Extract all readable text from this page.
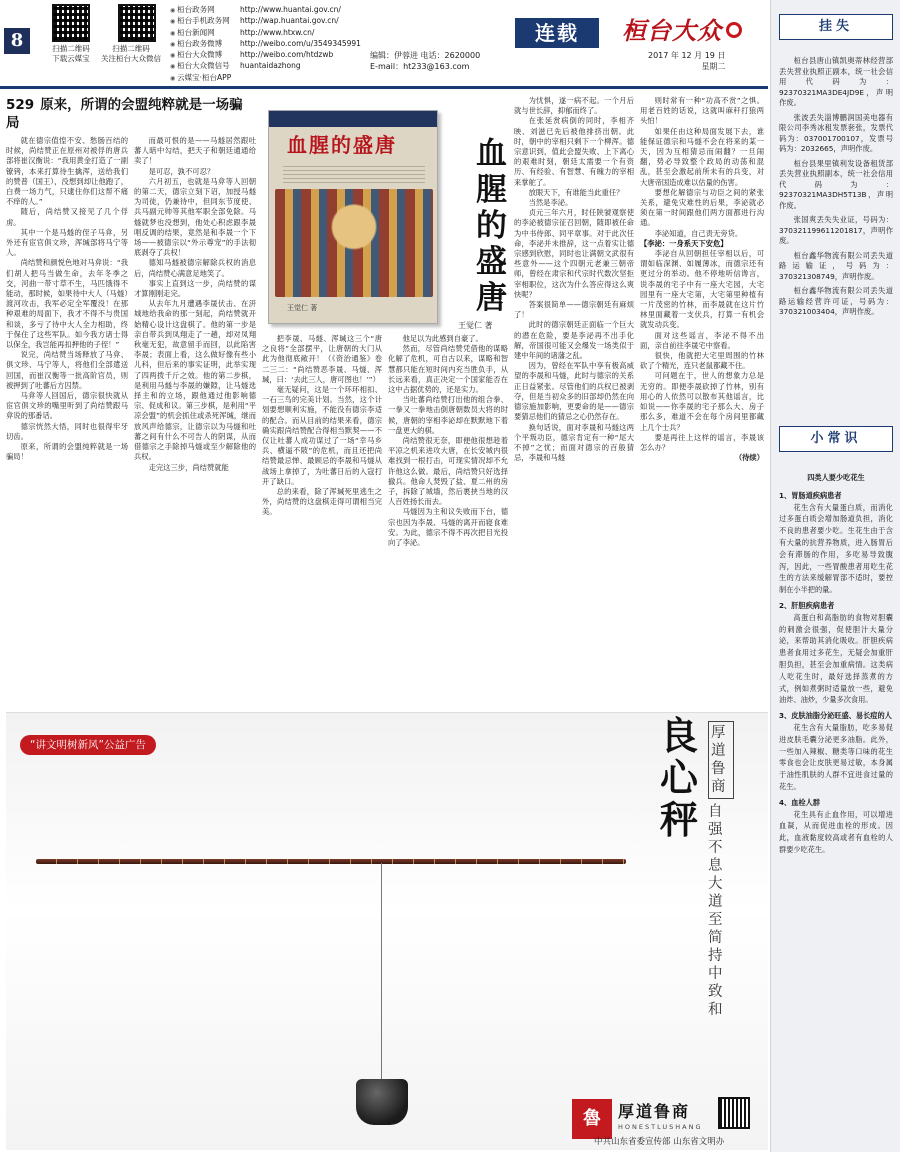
8	扫描二维码
下载云媒宝
扫描二维码
关注桓台大众微信
◉ 桓台政务网	http://www.huantai.gov.cn/
◉ 桓台手机政务网	http://wap.huantai.gov.cn/
◉ 桓台新闻网	http://www.htxw.cn/
◉ 桓台政务微博	http://weibo.com/u/3549345991
◉ 桓台大众微博	http://weibo.com/htdzwb
◉ 桓台大众微信号	huantaidazhong
◉ 云媒宝·桓台APP
连载	桓台大众
编辑：伊蓉进 电话：2620000
E-mail：ht233@163.com
2017 年 12 月 19 日
星期二
529 原来，所谓的会盟纯粹就是一场骗局
血腥的盛唐
王觉仁 著
血腥的盛唐
王觉仁 著

就在德宗值惶不安、愁肠百结的时候，尚结赞正在原州对被俘的唐兵部将崔汉衡说：“我用黄金打造了一副镣铐，本来打算待生擒浑，送给我们的赞普（国王），没想到却让他跑了，白费一场力气，只逮住你们这帮不痛不痒的人。”

随后，尚结赞又接见了几个俘虏。

其中一个是马燧的侄子马弇，另外还有宦官俱文珍，浑瑊部将马宁等人。

尚结赞和颜悦色地对马弇说：“我们胡人把马当做生命，去年冬季之交，河曲一带寸草不生，马匹饿得不能动，那时候，如果待中大人（马燧）渡河攻击，我军必定全军覆没！在那种艰难的局面下，我才不得不与贵国和谈，多亏了待中大人全力相助，终于保住了这些军队。如今我方诸士得以保全，我岂能再扣押他的子侄！”

说完，尚结赞当场释放了马弇、俱文珍、马宁等人，将他们全部遣送回国，而崔汉衡等一批高阶官员，则被押到了吐蕃后方囚禁。

马弇等人回国后，德宗很快就从宦官俱文珍的嘴里听到了尚结赞跟马弇说的那番话。

德宗恍然大悟，同时也很得牢牙切齿。

原来，所谓的会盟纯粹就是一场骗局！

而最可恨的是——马燧居然跟吐蕃人暗中勾结，把天子和朝廷通通给卖了！

是可忍，孰不可忍？

六月初五，也就是马弇等人回朝的第二天，德宗立刻下诏，加授马燧为司徒，仍兼待中，但同东节度使、兵马副元帅等其他军职全部免除。马燧就梦也没想到，他处心积虑跟李晟唱反调的结果，竟然是和李晟一个下场——被德宗以“外示尊宠”的手法彻底剥夺了兵权！

德知马燧被德宗解除兵权的消息后，尚结赞心满意足地笑了。

事实上直到这一步，尚结赞的谋才算刚刚走完。

从去年九月遭遇李晟伏击、在汧城地给我命的那一刻起，尚结赞就开始精心设计这盘棋了。他的第一步是亲自带兵到凤翔走了一趟，却对凤翔秋毫无犯，故意留手而回，以此陷害李晟；表面上看，这么做好像有些小儿科，但后来的事实证明，此举实现了四两拨千斤之效。他的第二步棋，是利用马燧与李晟的嫌隙，让马燧选择主和的立场，跟他通过他影响德宗、促成和议。第三步棋，是利用“平凉会盟”的机会抓住或杀死浑瑊，继而放风声给德宗，让德宗以为马燧和吐蕃之间有什么不可告人的阴谋，从而借德宗之手除掉马燧或至少解除他的兵权。

走完这三步，尚结赞就能

把李晟、马燧、浑瑊这三个“唐之良将”全部摆平，让唐朝的大门从此为他彻底敞开！（《资治通鉴》卷二三二：“尚结赞恶李晟、马燧、浑瑊，曰：‘去此三人，唐可图也！’”）

毫无疑问，这是一个环环相扣、一石三鸟的完美计划。当然，这个计划要想顺利实施，不能没有德宗李适的配合。而从目前的结果来看，德宗确实跟尚结赞配合得相当默契——不仅让吐蕃人成功谋过了一场“幸马乡兵、横逼不陂”的危机，而且还把尚结赞最忌惮、最顾忌的李晟和马燧从战场上拿掉了，为吐蕃日后的入寇打开了缺口。

总的来看，除了浑瑊死里逃生之外，尚结赞的这盘棋走得可谓相当完美。

他足以为此感到自豪了。

然而，尽管尚结赞凭借他的谋略化解了危机，可自古以来，谋略和智慧都只能在短时间内充当胜负手，从长远来看，真正决定一个国家能否在这中占据优势的，还是实力。

当吐蕃尚结赞打出他的组合拳、一拳又一拳地击倒唐朝数员大将的时候，唐朝的宰相李泌却在默默地下着一盘更大的棋。

尚结赞很无奈，即便他很想趁着平凉之机来进攻大唐，在长安城内很难找到一根打击，可现实情况却不允许他这么做。最后，尚结赞只好选择撤兵。他命人焚毁了盐、夏二州的房子，拆除了城墙，然后裹挟当地的汉人百姓扬长而去。

马燧因为主和议失败而下台，德宗也因为李晟、马燧的离开而寝食难安。为此，德宗不得不再次把目光投向了李泌。

为忧惧，遂一病不起。一个月后就与世长辞，抑郁而终了。

在张延赏病倒的同时，李相齐映、刘滋已先后被他排挤出朝。此时，朝中的宰相只剩下一个柳浑。德宗意识到，值此会盟失败、上下离心的艰难时刻，朝廷太需要一个有资历、有经验、有智慧、有魄力的宰相来掌舵了。

放眼天下，有谁能当此重任？

当然是李泌。

贞元三年六月，时任陕虢观察使的李泌被德宗征召回朝，随即被任命为中书侍郎、同平章事。对于此次任命，李泌并未推辞，这一点着实让德宗感到欣慰，同时也让满朝文武很有些意外——这个四朝元老兼三朝帝师，曾经在肃宗和代宗时代数次坚拒宰相职位，这次为什么答应得这么爽快呢？

答案很简单——德宗朝廷有麻烦了！

此时的德宗朝廷正面临一个巨大的潜在危险，要是李泌再不出手化解，帝国很可能又会爆发一场类似于建中年间的诸藩之乱。

因为，曾经在军队中享有极高威望的李晟和马燧，此时与德宗的关系正日益紧张。尽管他们的兵权已被剥夺，但是当初众多的旧部却仍然在向德宗施加影响，更要命的是——德宗要猜忌他们的猜忌之心仍然存在。

换句话说，面对李晟和马燧这两个平叛功臣，德宗肯定有一种“尾大不掉”之忧；而面对德宗的百般猜忌，李晟和马燧

则时常有一种“功高不赏”之惧。用老百姓的话说，这就叫麻秆打狼两头怕！

如果任由这种局面发展下去，谁能保证德宗和马燧不会在将来的某一天，因为互相猜忌而闹翻？一旦闹翻，势必导致整个政局的动荡和混乱，甚至会激起前所未有的兵变，对大唐帝国造成难以估量的伤害。

要想化解德宗与功臣之间的紧张关系，避免灾难性的后果，李泌就必须在第一时间跟他们两方面都进行沟通。

李泌知道，自己责无旁贷。

【李泌：一身系天下安危】

李泌自从回朝担任宰相以后，可谓如临深渊、如履薄冰，而德宗还有更过分的举动。他不停地听信谗言，说李晟的宅子中有一座大宅园，大宅园里有一座大宅第，大宅第里种植有一片茂密的竹林，而李晟就在这片竹林里面藏着一支伏兵，打算一有机会就发动兵变。

面对这些谣言，李泌不得不出面，亲自前往李晟宅中察看。

很快，他就把大宅里周围的竹林砍了个精光，连只老鼠都藏不住。

可问题在于，世人的想象力总是无穷的。即便李晟砍掉了竹林，别有用心的人依然可以散布其他谣言，比如说——你李晟的宅子那么大、房子那么多，难道不会在每个房间里都藏上几个士兵？

要是再往上这样的谣言，李晟该怎么办？

（待续）

“讲文明树新风”公益广告	良心秤
厚道鲁商
自强不息 大道至简 持中致和
魯	厚道鲁商
HONESTLUSHANG
中共山东省委宣传部 山东省文明办
挂失
桓台县唐山镇凯奥蒂林经营部丢失营业执照正副本，统一社会信用代码为：92370321MA3DE4JD9E，声明作废。
张波丢失淄博鹏润国美电器有限公司李秀冰租发票套张，发票代码为：037001700107，发票号码为：2032665，声明作废。
桓台县果里镇利发设备租赁部丢失营业执照副本，统一社会信用代码为：92370321MA3DH5T13B，声明作废。
张国爽丢失失业证，号码为：370321199611201817，声明作废。
桓台鑫华物流有限公司丢失道路运输证，号码为：370321308749，声明作废。
桓台鑫华物流有限公司丢失道路运输经营许可证，号码为：370321003404，声明作废。
小常识
四类人要少吃花生
1、胃肠道疾病患者
花生含有大量蛋白质，而消化过多蛋白质会增加肠道负担，消化不良的患者要少吃。生花生由于含有大量的抗营养物质，进入肠胃后会有滞肠的作用，多吃易导致腹泻，因此，一些胃酸患者用吃生花生的方法来缓解胃部不适时，要控制在小半把的量。
2、肝胆疾病患者
高蛋白和高脂肪的食物对胆囊的刺激会很强，促使胆汁大量分泌，来帮助其消化吸收。肝胆疾病患者食用过多花生，无疑会加重肝胆负担，甚至会加重病情。这类病人吃花生时，最好选择蒸煮的方式，例如煮粥时适量放一些，避免油炸、油炒，少量多次食用。
3、皮肤油脂分泌旺盛、易长痘的人
花生含有大量脂肪，吃多易促进皮肤毛囊分泌更多油脂。此外，一些加入辣椒、糖类等口味的花生零食也会让皮肤更易过敏，本身属于油性肌肤的人群不宜进食过量的花生。
4、血栓人群
花生具有止血作用，可以增进血凝，从而促进血栓的形成。因此，血液黏度较高或者有血栓的人群要少吃花生。
